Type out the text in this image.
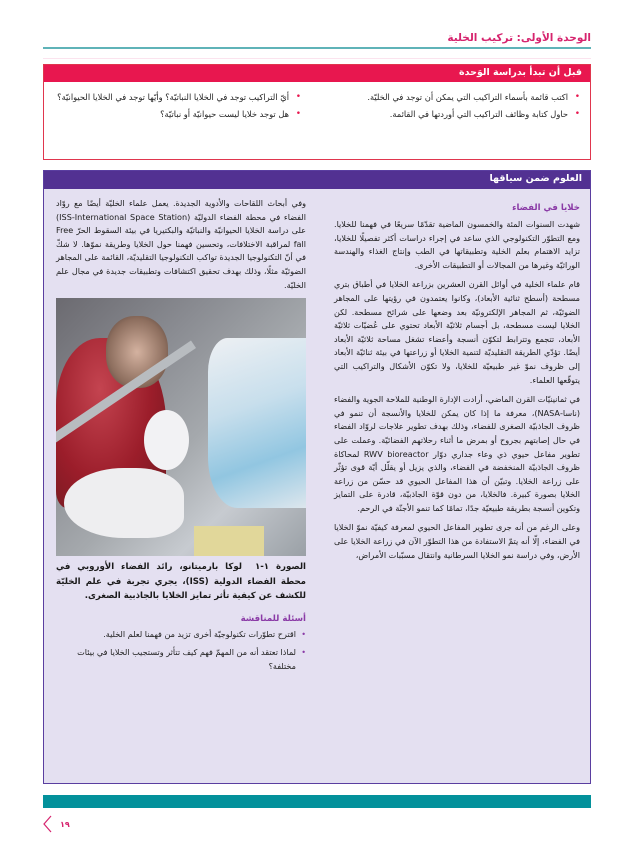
الوحدة الأولى: تركيب الخلية
قبل أن تبدأ بدراسة الوَحدة
•
اكتب قائمة بأسماء التراكيب التي يمكن أن توجد في الخليّة.
•
حاول كتابة وظائف التراكيب التي أوردتها في القائمة.
•
أيّ التراكيب توجد في الخلايا النباتيّة؟ وأيّها توجد في الخلايا الحيوانيّة؟
•
هل توجد خلايا ليست حيوانيّة أو نباتيّة؟
العلوم ضمن سياقها
خلايا في الفضاء

شهدت السنوات المئة والخمسون الماضية تقدّمًا سريعًا في فهمنا للخلايا. ومع التطوّر التكنولوجي الذي ساعد في إجراء دراسات أكثر تفصيلًا للخلايا، تزايد الاهتمام بعلم الخلية وتطبيقاتها في الطب وإنتاج الغذاء والهندسة الوراثيّة وغيرها من المجالات أو التطبيقات الأخرى.

قام علماء الخلية في أوائل القرن العشرين بزراعة الخلايا في أطباق بتري مسطحة (أسطح ثنائية الأبعاد)، وكانوا يعتمدون في رؤيتها على المجاهر الضوئيّة، ثم المجاهر الإلكترونيّة بعد وضعها على شرائح مسطحة. لكن الخلايا ليست مسطحة، بل أجسام ثلاثيّة الأبعاد تحتوي على عُضيّات ثلاثيّة الأبعاد، تتجمع وتترابط لتكوّن أنسجة وأعضاء تشغل مساحة ثلاثيّة الأبعاد أيضًا. تؤدّي الطريقة التقليديّة لتنمية الخلايا أو زراعتها في بيئة ثنائيّة الأبعاد إلى ظروف نموّ غير طبيعيّة للخلايا، ولا تكوّن الأشكال والتراكيب التي يتوقّعها العلماء.

في ثمانينيّات القرن الماضي، أرادت الإدارة الوطنية للملاحة الجوية والفضاء (ناسا-NASA)، معرفة ما إذا كان يمكن للخلايا والأنسجة أن تنمو في ظروف الجاذبيّة الصغرى للفضاء، وذلك بهدف تطوير علاجات لروّاد الفضاء في حال إصابتهم بجروح أو بمرض ما أثناء رحلاتهم الفضائيّة. وعملت على تطوير مفاعل حيوي ذي وعاء جداري دوّار RWV bioreactor لمحاكاة ظروف الجاذبيّة المنخفضة في الفضاء، والذي يزيل أو يقلّل أيّة قوى تؤثّر على زراعة الخلايا. وتبيّن أن هذا المفاعل الحيوي قد حسّن من زراعة الخلايا بصورة كبيرة. فالخلايا، من دون قوّة الجاذبيّة، قادرة على التمايز وتكوين أنسجة بطريقة طبيعيّة جدًا، تمامًا كما تنمو الأجنّة في الرحم.

وعلى الرغم من أنه جرى تطوير المفاعل الحيوي لمعرفة كيفيّة نموّ الخلايا في الفضاء، إلّا أنه يتمّ الاستفادة من هذا التطوّر الآن في زراعة الخلايا على الأرض، وفي دراسة نمو الخلايا السرطانية وانتقال مسبّبات الأمراض،

وفي أبحاث اللقاحات والأدوية الجديدة. يعمل علماء الخليّة أيضًا مع روّاد الفضاء في محطة الفضاء الدوليّة (ISS-International Space Station) على دراسة الخلايا الحيوانيّة والنباتيّة والبكتيريا في بيئة السقوط الحرّ Free fall لمراقبة الاختلافات، وتحسين فهمنا حول الخلايا وطريقة نموّها. لا شكّ في أنّ التكنولوجيا الجديدة تواكب التكنولوجيا التقليديّة، القائمة على المجاهر الضوئيّة مثلًا، وذلك بهدف تحقيق اكتشافات وتطبيقات جديدة في مجال علم الخليّة.

الصورة ١-١ لوكا بارميتانو، رائد الفضاء الأوروبي في محطة الفضاء الدولية (ISS)، يجري تجربة في علم الخليّة للكشف عن كيفية تأثر تمايز الخلايا بالجاذبية الصغرى.

أسئلة للمناقشة
•
اقترح تطوّرات تكنولوجيّة أخرى تزيد من فهمنا لعلم الخلية.
•
لماذا تعتقد أنه من المهمّ فهم كيف تتأثر وتستجيب الخلايا في بيئات مختلفة؟
١٩
